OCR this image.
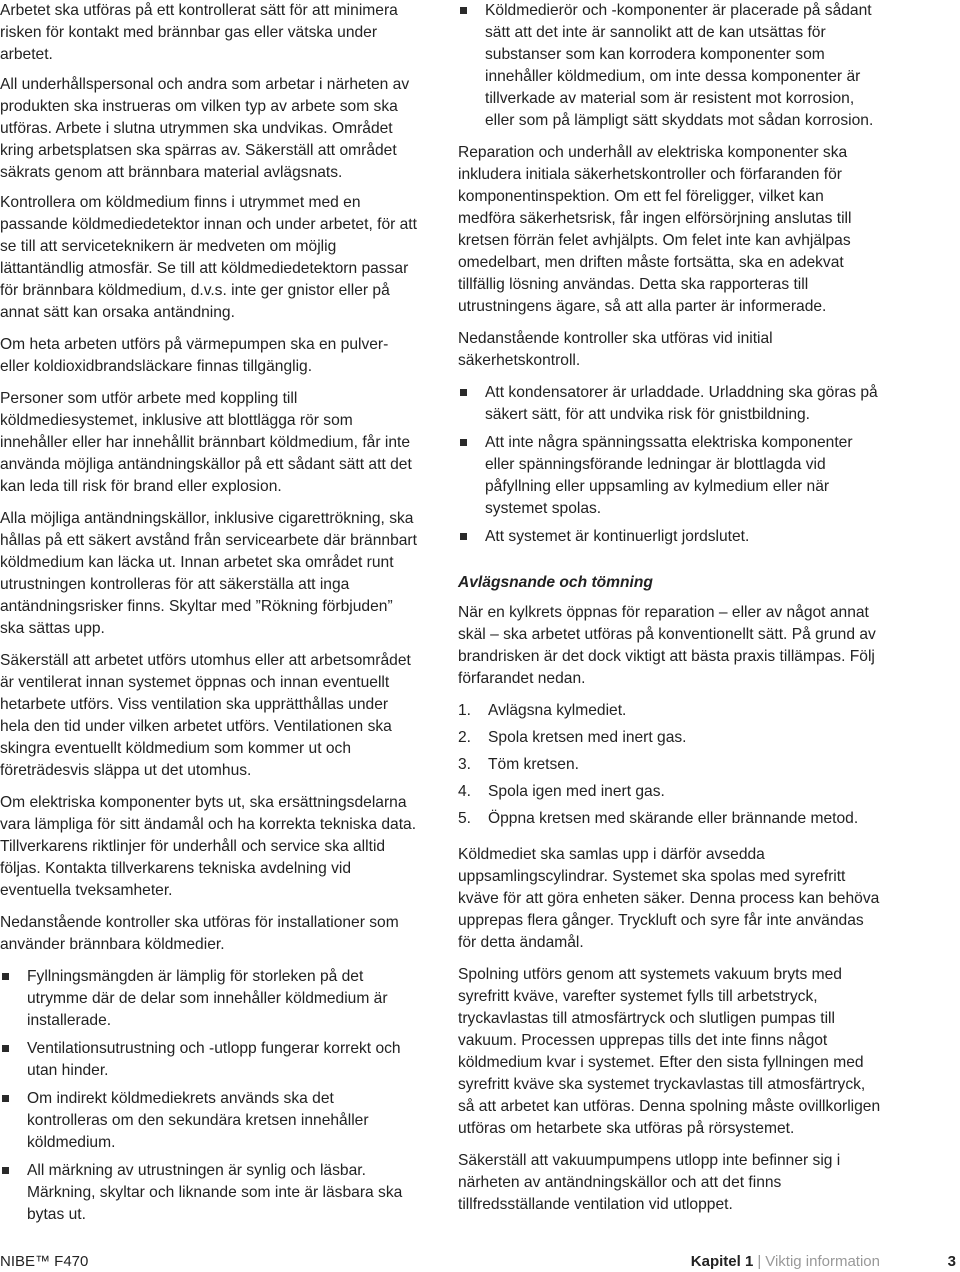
Arbetet ska utföras på ett kontrollerat sätt för att minimera risken för kontakt med brännbar gas eller vätska under arbetet.

All underhållspersonal och andra som arbetar i närheten av produkten ska instrueras om vilken typ av arbete som ska utföras. Arbete i slutna utrymmen ska undvikas. Området kring arbetsplatsen ska spärras av. Säkerställ att området säkrats genom att brännbara material avlägsnats.

Kontrollera om köldmedium finns i utrymmet med en passande köldmediedetektor innan och under arbetet, för att se till att serviceteknikern är medveten om möjlig lättantändlig atmosfär. Se till att köldmediedetektorn passar för brännbara köldmedium, d.v.s. inte ger gnistor eller på annat sätt kan orsaka antändning.

Om heta arbeten utförs på värmepumpen ska en pulver- eller koldioxidbrandsläckare finnas tillgänglig.

Personer som utför arbete med koppling till köldmediesystemet, inklusive att blottlägga rör som innehåller eller har innehållit brännbart köldmedium, får inte använda möjliga antändningskällor på ett sådant sätt att det kan leda till risk för brand eller explosion.

Alla möjliga antändningskällor, inklusive cigarettrökning, ska hållas på ett säkert avstånd från servicearbete där brännbart köldmedium kan läcka ut. Innan arbetet ska området runt utrustningen kontrolleras för att säkerställa att inga antändningsrisker finns. Skyltar med ”Rökning förbjuden” ska sättas upp.

Säkerställ att arbetet utförs utomhus eller att arbetsområdet är ventilerat innan systemet öppnas och innan eventuellt hetarbete utförs. Viss ventilation ska upprätthållas under hela den tid under vilken arbetet utförs. Ventilationen ska skingra eventuellt köldmedium som kommer ut och företrädesvis släppa ut det utomhus.

Om elektriska komponenter byts ut, ska ersättningsdelarna vara lämpliga för sitt ändamål och ha korrekta tekniska data. Tillverkarens riktlinjer för underhåll och service ska alltid följas. Kontakta tillverkarens tekniska avdelning vid eventuella tveksamheter.

Nedanstående kontroller ska utföras för installationer som använder brännbara köldmedier.

Fyllningsmängden är lämplig för storleken på det utrymme där de delar som innehåller köldmedium är installerade.
Ventilationsutrustning och -utlopp fungerar korrekt och utan hinder.
Om indirekt köldmediekrets används ska det kontrolleras om den sekundära kretsen innehåller köldmedium.
All märkning av utrustningen är synlig och läsbar. Märkning, skyltar och liknande som inte är läsbara ska bytas ut.
Köldmedierör och -komponenter är placerade på sådant sätt att det inte är sannolikt att de kan utsättas för substanser som kan korrodera komponenter som innehåller köldmedium, om inte dessa komponenter är tillverkade av material som är resistent mot korrosion, eller som på lämpligt sätt skyddats mot sådan korrosion.

Reparation och underhåll av elektriska komponenter ska inkludera initiala säkerhetskontroller och förfaranden för komponentinspektion. Om ett fel föreligger, vilket kan medföra säkerhetsrisk, får ingen elförsörjning anslutas till kretsen förrän felet avhjälpts. Om felet inte kan avhjälpas omedelbart, men driften måste fortsätta, ska en adekvat tillfällig lösning användas. Detta ska rapporteras till utrustningens ägare, så att alla parter är informerade.

Nedanstående kontroller ska utföras vid initial säkerhetskontroll.

Att kondensatorer är urladdade. Urladdning ska göras på säkert sätt, för att undvika risk för gnistbildning.
Att inte några spänningssatta elektriska komponenter eller spänningsförande ledningar är blottlagda vid påfyllning eller uppsamling av kylmedium eller när systemet spolas.
Att systemet är kontinuerligt jordslutet.
Avlägsnande och tömning

När en kylkrets öppnas för reparation – eller av något annat skäl – ska arbetet utföras på konventionellt sätt. På grund av brandrisken är det dock viktigt att bästa praxis tillämpas. Följ förfarandet nedan.

1.	Avlägsna kylmediet.
2.	Spola kretsen med inert gas.
3.	Töm kretsen.
4.	Spola igen med inert gas.
5.	Öppna kretsen med skärande eller brännande metod.

Köldmediet ska samlas upp i därför avsedda uppsamlingscylindrar. Systemet ska spolas med syrefritt kväve för att göra enheten säker. Denna process kan behöva upprepas flera gånger. Tryckluft och syre får inte användas för detta ändamål.

Spolning utförs genom att systemets vakuum bryts med syrefritt kväve, varefter systemet fylls till arbetstryck, tryckavlastas till atmosfärtryck och slutligen pumpas till vakuum. Processen upprepas tills det inte finns något köldmedium kvar i systemet. Efter den sista fyllningen med syrefritt kväve ska systemet tryckavlastas till atmosfärtryck, så att arbetet kan utföras. Denna spolning måste ovillkorligen utföras om hetarbete ska utföras på rörsystemet.

Säkerställ att vakuumpumpens utlopp inte befinner sig i närheten av antändningskällor och att det finns tillfredsställande ventilation vid utloppet.

NIBE™ F470	Kapitel 1 | Viktig information	3
